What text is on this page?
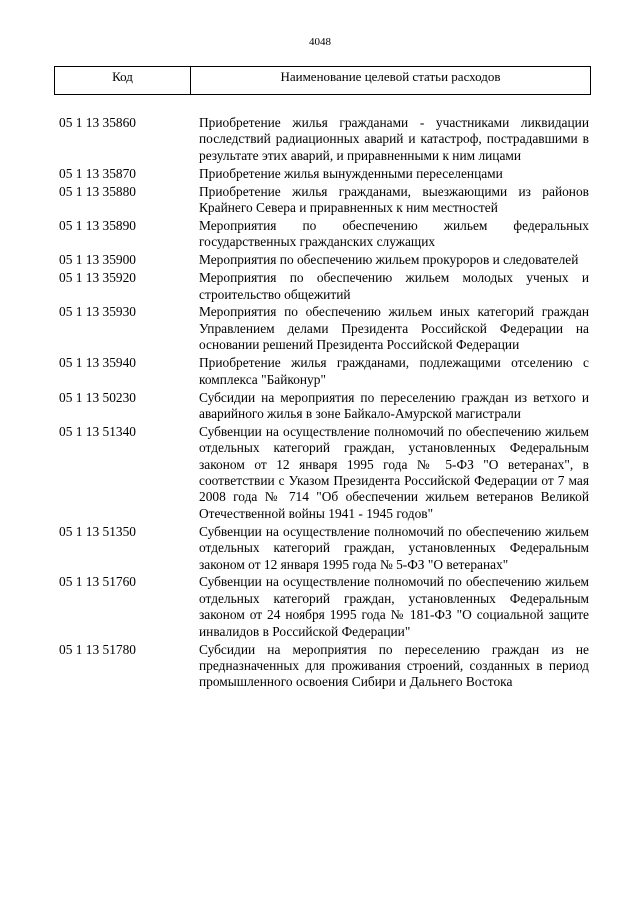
4048
Код	Наименование целевой статьи расходов
05 1 13 35860	Приобретение жилья гражданами - участниками ликвидации последствий радиационных аварий и катастроф, пострадавшими в результате этих аварий, и приравненными к ним лицами
05 1 13 35870	Приобретение жилья вынужденными переселенцами
05 1 13 35880	Приобретение жилья гражданами, выезжающими из районов Крайнего Севера и приравненных к ним местностей
05 1 13 35890	Мероприятия по обеспечению жильем федеральных государственных гражданских служащих
05 1 13 35900	Мероприятия по обеспечению жильем прокуроров и следователей
05 1 13 35920	Мероприятия по обеспечению жильем молодых ученых и строительство общежитий
05 1 13 35930	Мероприятия по обеспечению жильем иных категорий граждан Управлением делами Президента Российской Федерации на основании решений Президента Российской Федерации
05 1 13 35940	Приобретение жилья гражданами, подлежащими отселению с комплекса "Байконур"
05 1 13 50230	Субсидии на мероприятия по переселению граждан из ветхого и аварийного жилья в зоне Байкало-Амурской магистрали
05 1 13 51340	Субвенции на осуществление полномочий по обеспечению жильем отдельных категорий граждан, установленных Федеральным законом от 12 января 1995 года № 5-ФЗ "О ветеранах", в соответствии с Указом Президента Российской Федерации от 7 мая 2008 года № 714 "Об обеспечении жильем ветеранов Великой Отечественной войны 1941 - 1945 годов"
05 1 13 51350	Субвенции на осуществление полномочий по обеспечению жильем отдельных категорий граждан, установленных Федеральным законом от 12 января 1995 года № 5-ФЗ "О ветеранах"
05 1 13 51760	Субвенции на осуществление полномочий по обеспечению жильем отдельных категорий граждан, установленных Федеральным законом от 24 ноября 1995 года № 181-ФЗ "О социальной защите инвалидов в Российской Федерации"
05 1 13 51780	Субсидии на мероприятия по переселению граждан из не предназначенных для проживания строений, созданных в период промышленного освоения Сибири и Дальнего Востока
